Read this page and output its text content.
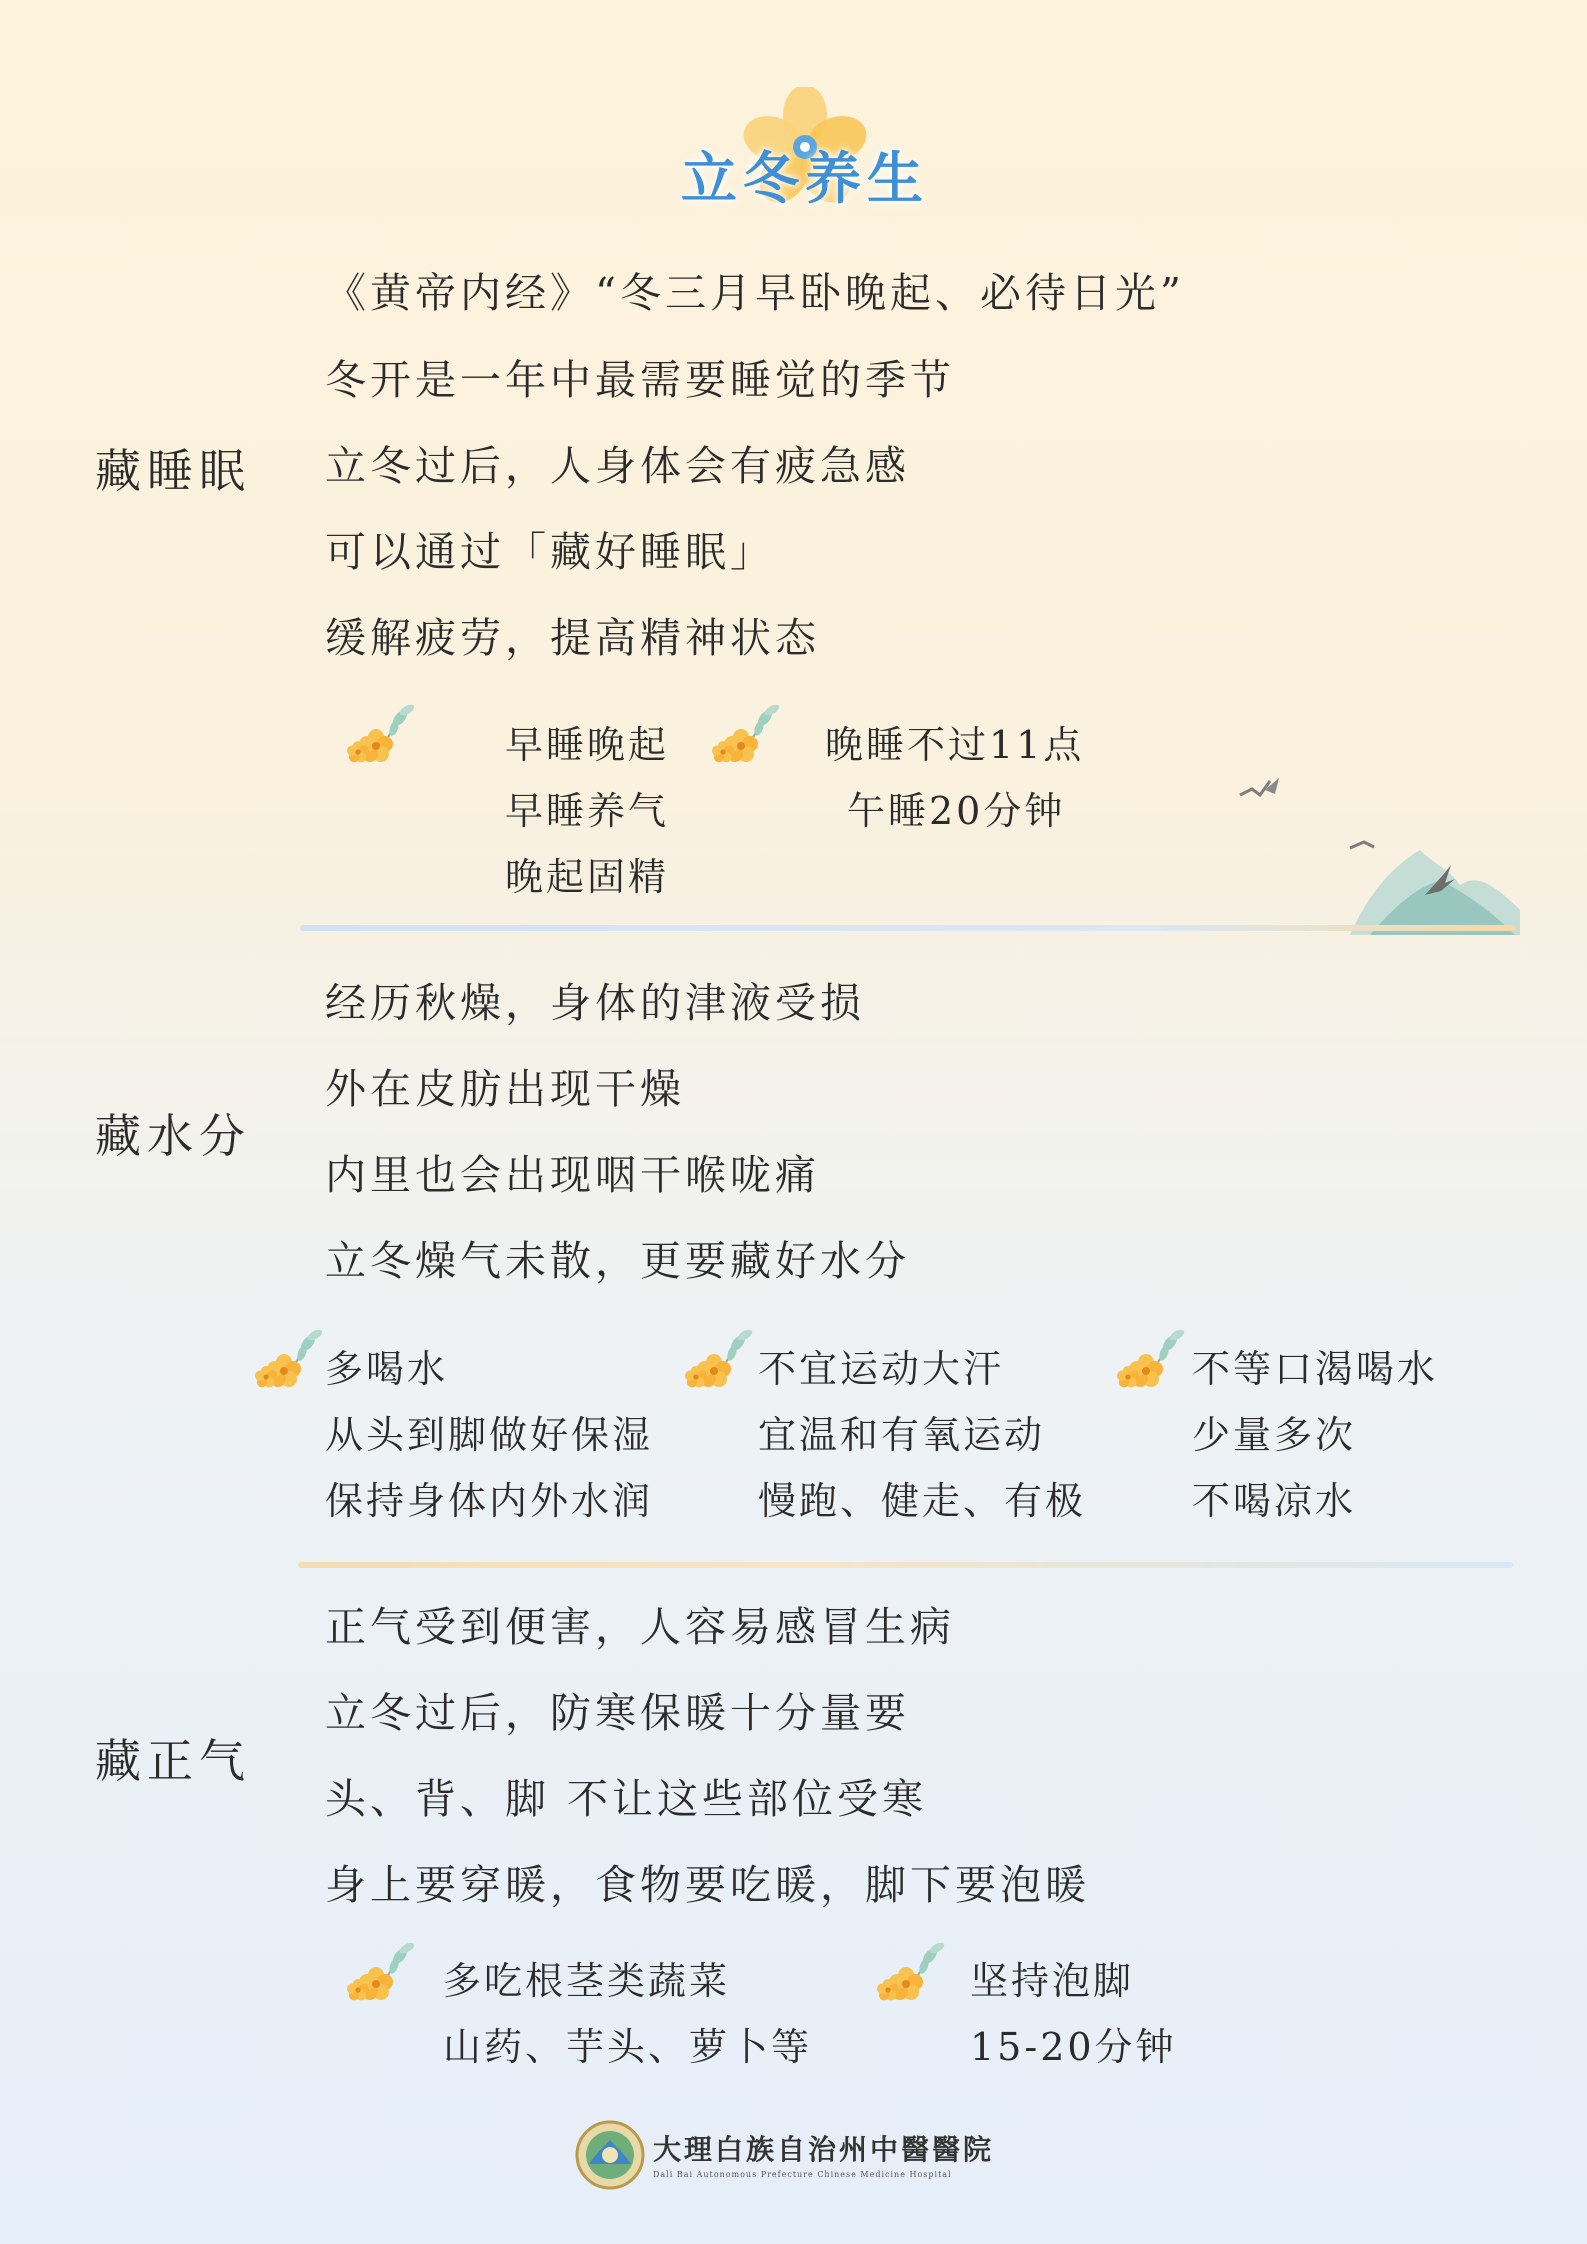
立冬养生
藏睡眠
《黄帝内经》“冬三月早卧晚起、必待日光”
冬开是一年中最需要睡觉的季节
立冬过后，人身体会有疲急感
可以通过「藏好睡眠」
缓解疲劳，提高精神状态
早睡晚起
早睡养气
晚起固精
晚睡不过11点
午睡20分钟
藏水分
经历秋燥，身体的津液受损
外在皮肪出现干燥
内里也会出现咽干喉咙痛
立冬燥气未散，更要藏好水分
多喝水
从头到脚做好保湿
保持身体内外水润
不宜运动大汗
宜温和有氧运动
慢跑、健走、有极
不等口渴喝水
少量多次
不喝凉水
藏正气
正气受到便害，人容易感冒生病
立冬过后，防寒保暖十分量要
头、背、脚 不让这些部位受寒
身上要穿暖，食物要吃暖，脚下要泡暖
多吃根茎类蔬菜
山药、芋头、萝卜等
坚持泡脚
15-20分钟
大理白族自治州中醫醫院
Dali Bai Autonomous Prefecture Chinese Medicine Hospital
